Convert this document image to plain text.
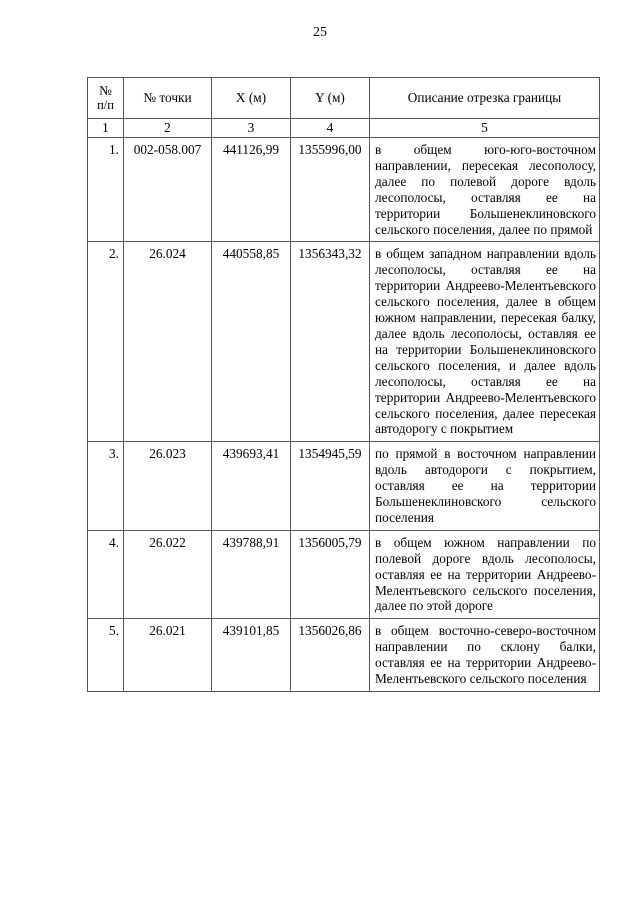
25
№
п/п	№ точки	X (м)	Y (м)	Описание отрезка границы
1	2	3	4	5
1.	002-058.007	441126,99	1355996,00	в общем юго-юго-восточном направлении, пересекая лесополосу, далее по полевой дороге вдоль лесополосы, оставляя ее на территории Большенеклиновского сельского поселения, далее по прямой
2.	26.024	440558,85	1356343,32	в общем западном направлении вдоль лесополосы, оставляя ее на территории Андреево-Мелентьевского сельского поселения, далее в общем южном направлении, пересекая балку, далее вдоль лесополосы, оставляя ее на территории Большенеклиновского сельского поселения, и далее вдоль лесополосы, оставляя ее на территории Андреево-Мелентьевского сельского поселения, далее пересекая автодорогу с покрытием
3.	26.023	439693,41	1354945,59	по прямой в восточном направлении вдоль автодороги с покрытием, оставляя ее на территории Большенеклиновского сельского поселения
4.	26.022	439788,91	1356005,79	в общем южном направлении по полевой дороге вдоль лесополосы, оставляя ее на территории Андреево-Мелентьевского сельского поселения, далее по этой дороге
5.	26.021	439101,85	1356026,86	в общем восточно-северо-восточном направлении по склону балки, оставляя ее на территории Андреево-Мелентьевского сельского поселения
